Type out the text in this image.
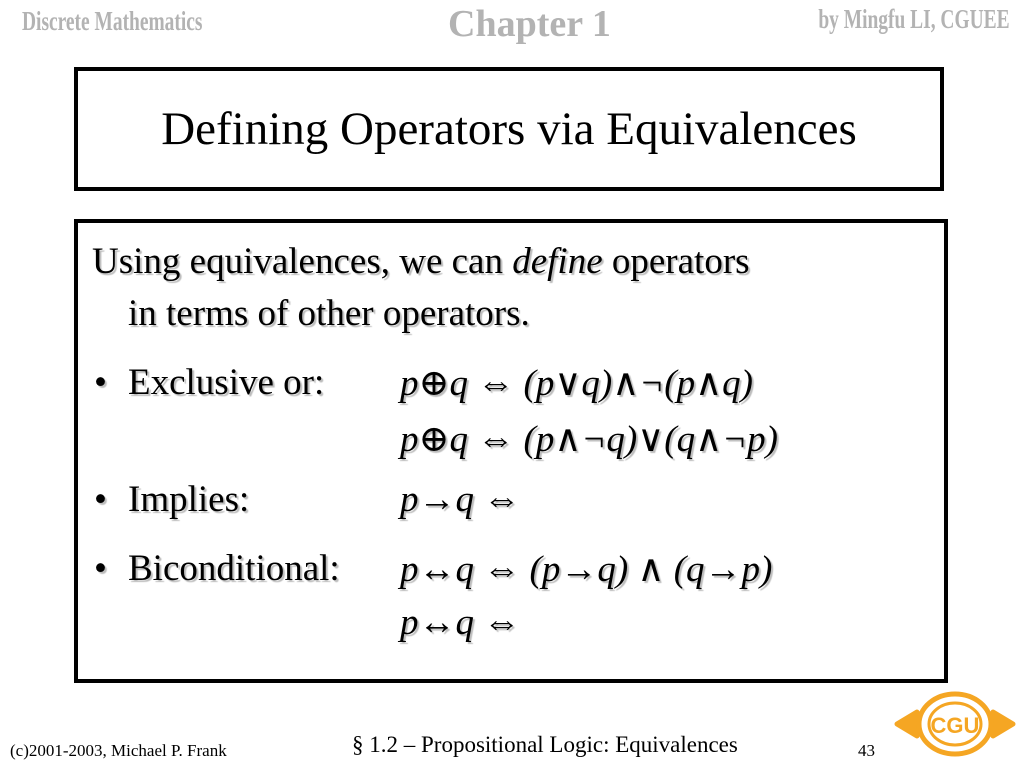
Discrete Mathematics	Chapter 1	by Mingfu LI, CGUEE
Defining Operators via Equivalences
Using equivalences, we can define operators
in terms of other operators.
• Exclusive or: p⊕q ⇔ (p∨q)∧¬(p∧q)
p⊕q ⇔ (p∧¬q)∨(q∧¬p)
• Implies:	p→q ⇔
• Biconditional: p↔q ⇔ (p→q) ∧ (q→p)
p↔q ⇔
(c)2001-2003, Michael P. Frank	§ 1.2 – Propositional Logic: Equivalences	43
CGU
